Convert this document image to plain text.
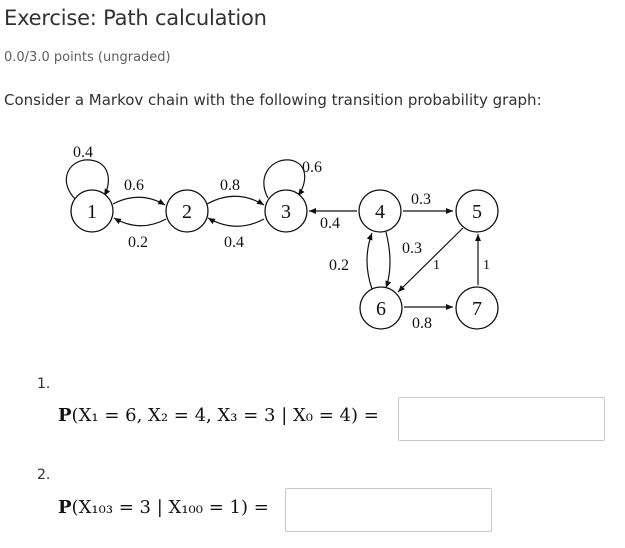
Exercise: Path calculation
0.0/3.0 points (ungraded)
Consider a Markov chain with the following transition probability graph:
0.4
0.6
0.2
0.8
0.4
0.6
0.4
0.3
0.3
0.2	1
0.8
1
1	2	3	4	5
6	7
1.
P(X₁ = 6, X₂ = 4, X₃ = 3 | X₀ = 4) =
2.
P(X₁₀₃ = 3 | X₁₀₀ = 1) =
